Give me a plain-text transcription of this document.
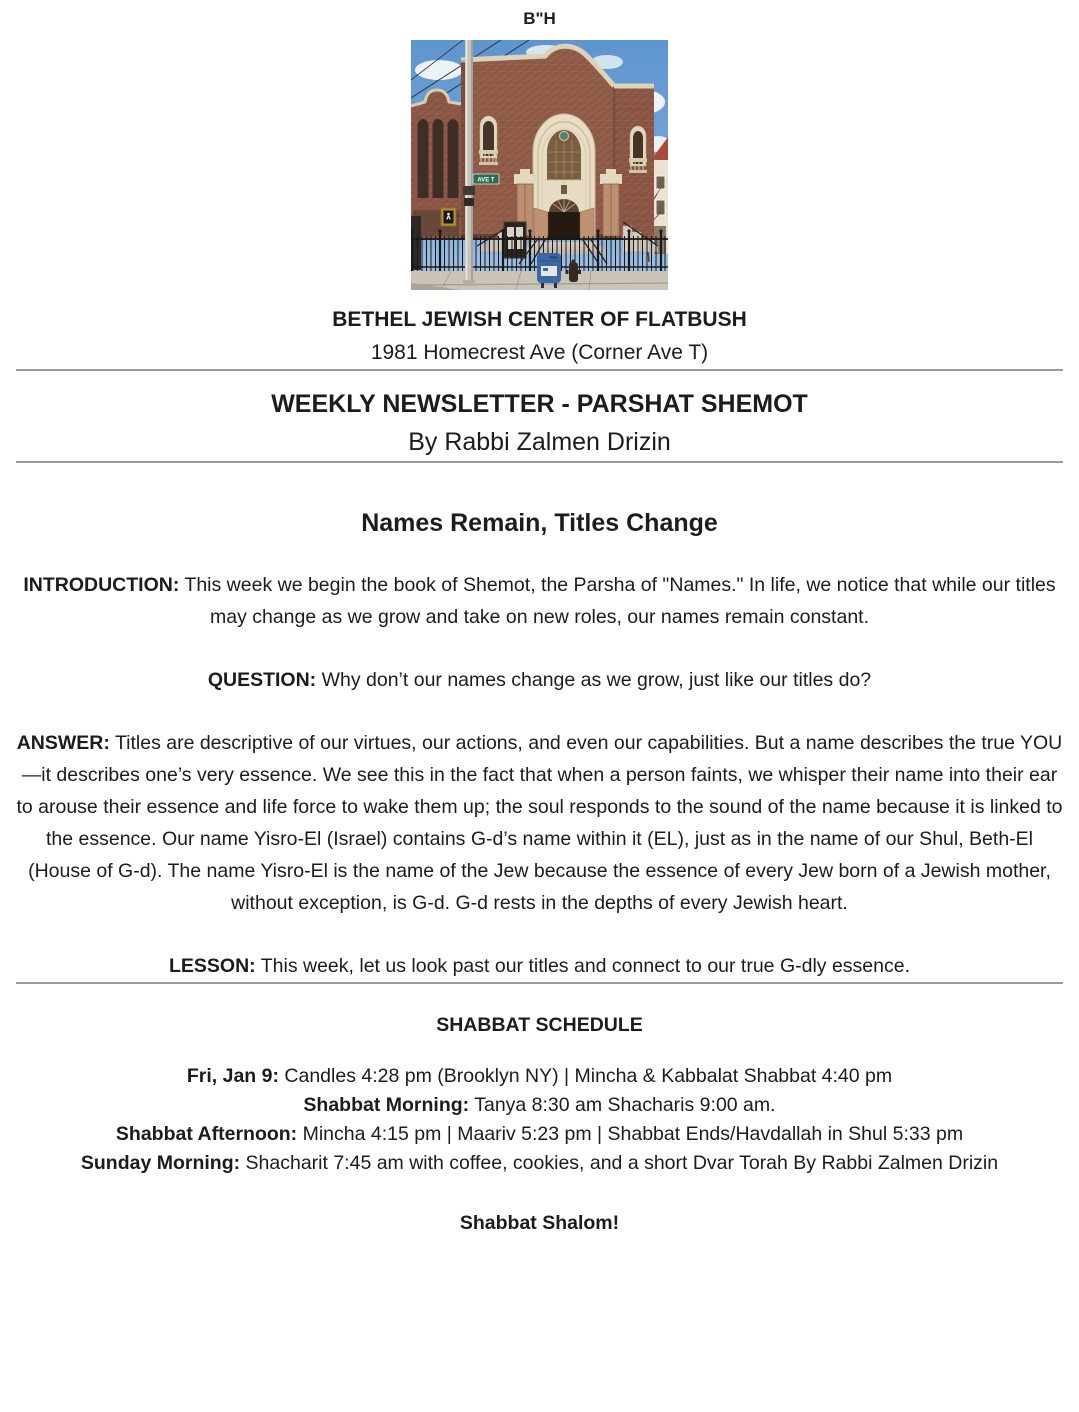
B"H

AVE T

BETHEL JEWISH CENTER OF FLATBUSH

1981 Homecrest Ave (Corner Ave T)

WEEKLY NEWSLETTER - PARSHAT SHEMOT

By Rabbi Zalmen Drizin

Names Remain, Titles Change

INTRODUCTION: This week we begin the book of Shemot, the Parsha of "Names." In life, we notice that while our titles may change as we grow and take on new roles, our names remain constant.

QUESTION: Why don’t our names change as we grow, just like our titles do?

ANSWER: Titles are descriptive of our virtues, our actions, and even our capabilities. But a name describes the true YOU—it describes one’s very essence. We see this in the fact that when a person faints, we whisper their name into their ear to arouse their essence and life force to wake them up; the soul responds to the sound of the name because it is linked to the essence. Our name Yisro-El (Israel) contains G-d’s name within it (EL), just as in the name of our Shul, Beth-El (House of G-d). The name Yisro-El is the name of the Jew because the essence of every Jew born of a Jewish mother, without exception, is G-d. G-d rests in the depths of every Jewish heart.

LESSON: This week, let us look past our titles and connect to our true G-dly essence.

SHABBAT SCHEDULE

Fri, Jan 9: Candles 4:28 pm (Brooklyn NY) | Mincha & Kabbalat Shabbat 4:40 pm

Shabbat Morning: Tanya 8:30 am Shacharis 9:00 am.

Shabbat Afternoon: Mincha 4:15 pm | Maariv 5:23 pm | Shabbat Ends/Havdallah in Shul 5:33 pm

Sunday Morning: Shacharit 7:45 am with coffee, cookies, and a short Dvar Torah By Rabbi Zalmen Drizin

Shabbat Shalom!
